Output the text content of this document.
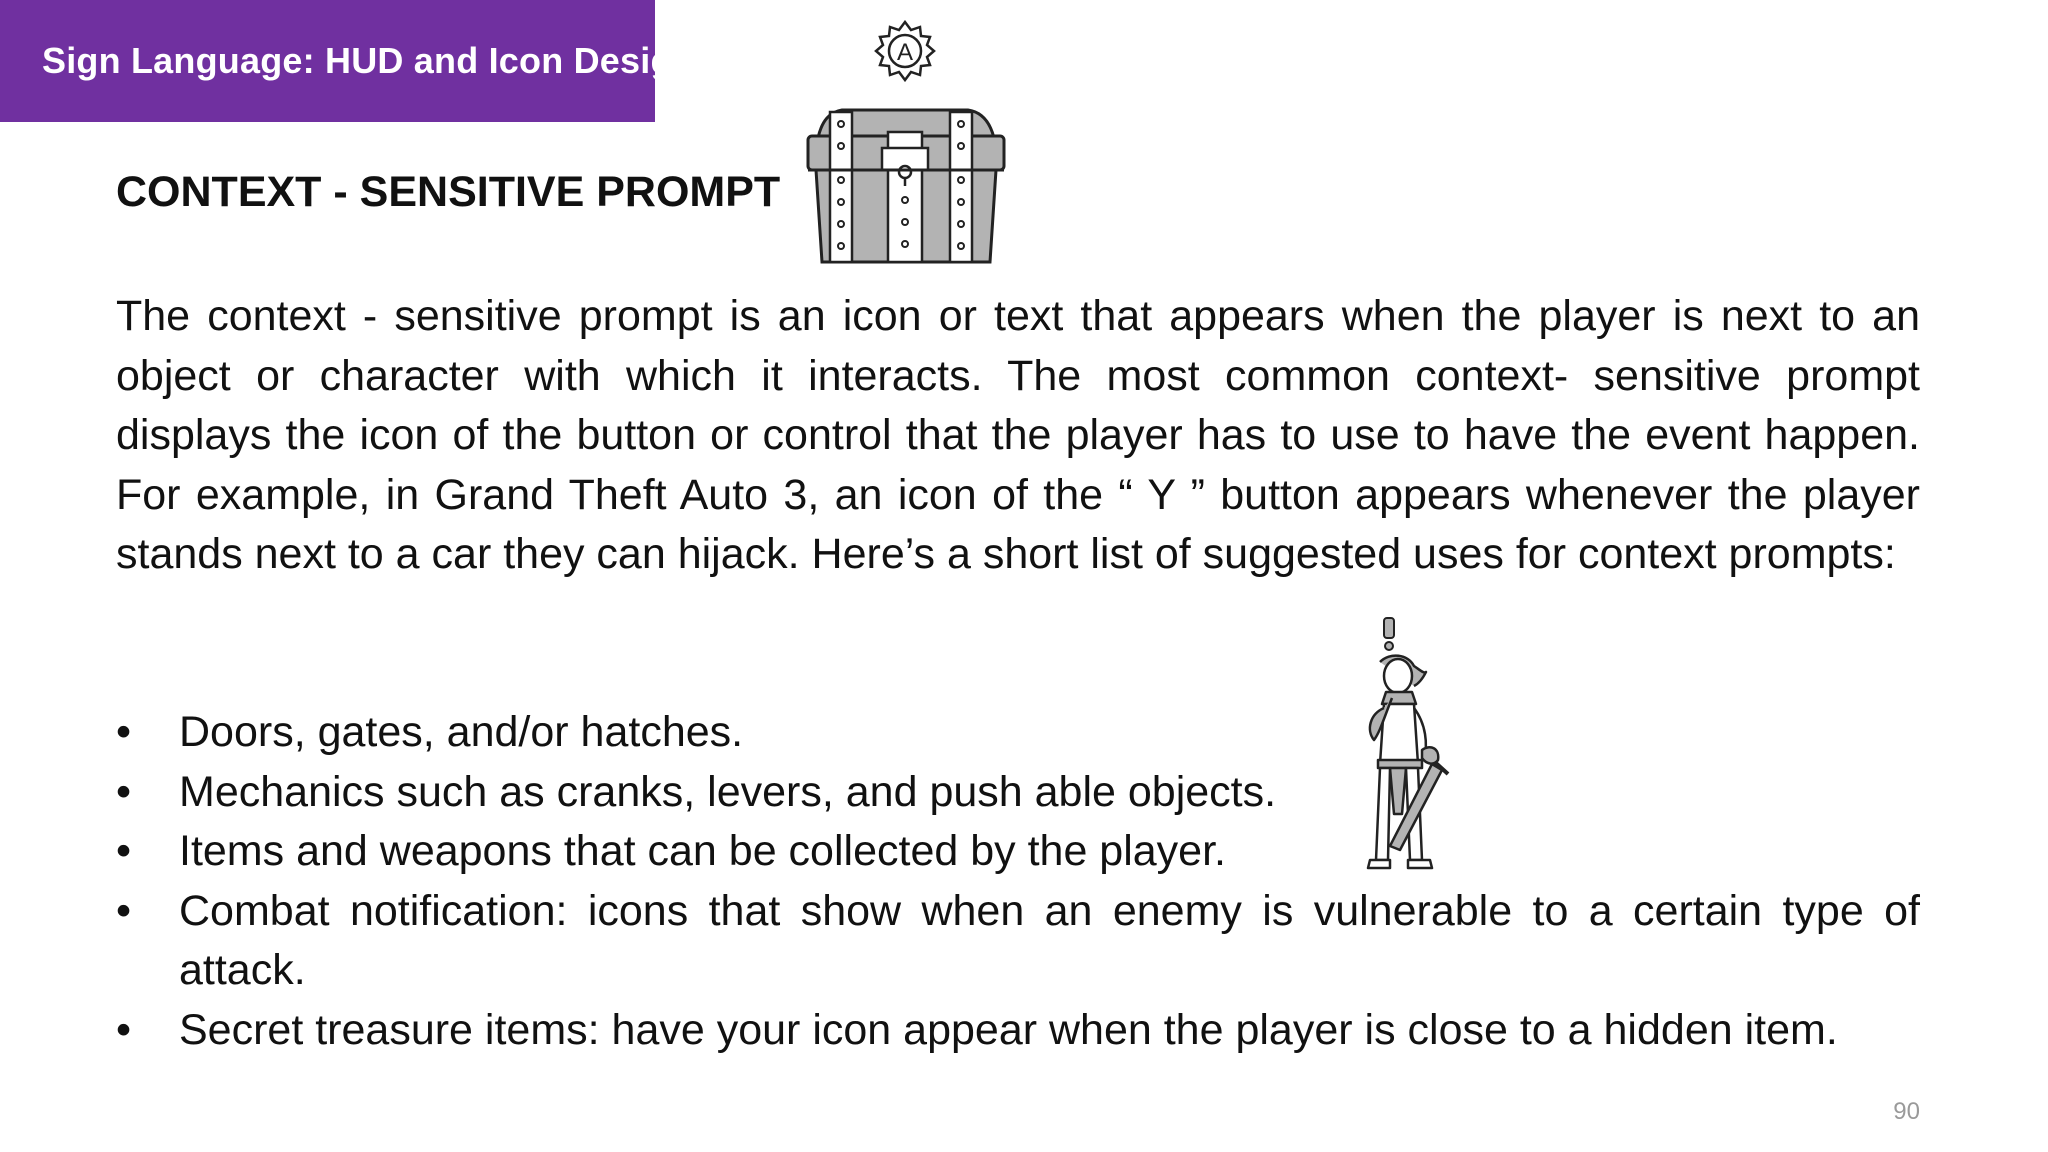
Sign Language: HUD and Icon Design
CONTEXT - SENSITIVE PROMPT
A

The context - sensitive prompt is an icon or text that appears when the player is next to an object or character with which it interacts. The most common context- sensitive prompt displays the icon of the button or control that the player has to use to have the event happen. For example, in Grand Theft Auto 3, an icon of the “ Y ” button appears whenever the player stands next to a car they can hijack. Here’s a short list of suggested uses for context prompts:

• Doors, gates, and/or hatches.
• Mechanics such as cranks, levers, and push able objects.
• Items and weapons that can be collected by the player.
• Combat notification: icons that show when an enemy is vulnerable to a certain type of attack.
• Secret treasure items: have your icon appear when the player is close to a hidden item.
90
